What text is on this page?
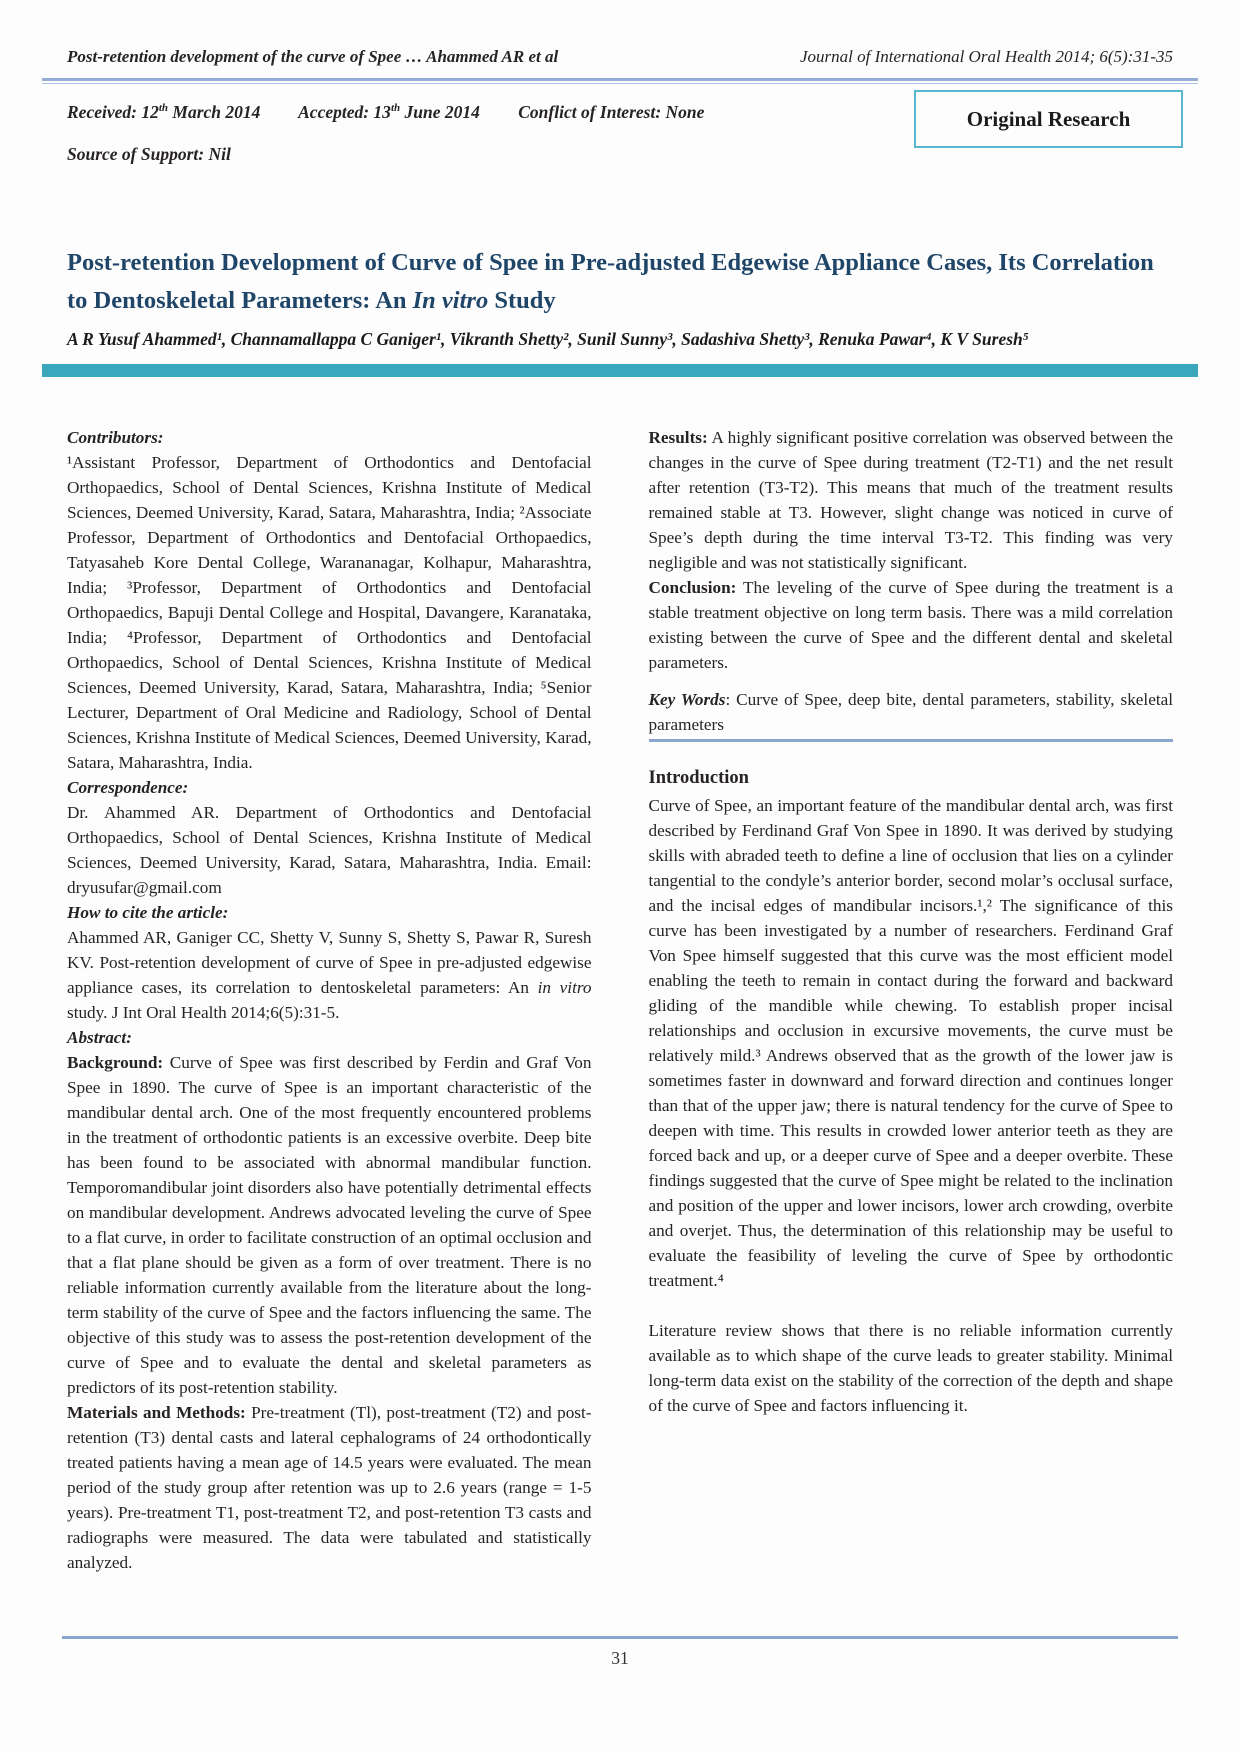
Post-retention development of the curve of Spee … Ahammed AR et al	Journal of International Oral Health 2014; 6(5):31-35

Received: 12th March 2014 Accepted: 13th June 2014 Conflict of Interest: None

Source of Support: Nil

Original Research
Post-retention Development of Curve of Spee in Pre-adjusted Edgewise Appliance Cases, Its Correlation to Dentoskeletal Parameters: An In vitro Study

A R Yusuf Ahammed¹, Channamallappa C Ganiger¹, Vikranth Shetty², Sunil Sunny³, Sadashiva Shetty³, Renuka Pawar⁴, K V Suresh⁵

Contributors:

¹Assistant Professor, Department of Orthodontics and Dentofacial Orthopaedics, School of Dental Sciences, Krishna Institute of Medical Sciences, Deemed University, Karad, Satara, Maharashtra, India; ²Associate Professor, Department of Orthodontics and Dentofacial Orthopaedics, Tatyasaheb Kore Dental College, Warananagar, Kolhapur, Maharashtra, India; ³Professor, Department of Orthodontics and Dentofacial Orthopaedics, Bapuji Dental College and Hospital, Davangere, Karanataka, India; ⁴Professor, Department of Orthodontics and Dentofacial Orthopaedics, School of Dental Sciences, Krishna Institute of Medical Sciences, Deemed University, Karad, Satara, Maharashtra, India; ⁵Senior Lecturer, Department of Oral Medicine and Radiology, School of Dental Sciences, Krishna Institute of Medical Sciences, Deemed University, Karad, Satara, Maharashtra, India.

Correspondence:

Dr. Ahammed AR. Department of Orthodontics and Dentofacial Orthopaedics, School of Dental Sciences, Krishna Institute of Medical Sciences, Deemed University, Karad, Satara, Maharashtra, India. Email: dryusufar@gmail.com

How to cite the article:

Ahammed AR, Ganiger CC, Shetty V, Sunny S, Shetty S, Pawar R, Suresh KV. Post-retention development of curve of Spee in pre-adjusted edgewise appliance cases, its correlation to dentoskeletal parameters: An in vitro study. J Int Oral Health 2014;6(5):31-5.

Abstract:

Background: Curve of Spee was first described by Ferdin and Graf Von Spee in 1890. The curve of Spee is an important characteristic of the mandibular dental arch. One of the most frequently encountered problems in the treatment of orthodontic patients is an excessive overbite. Deep bite has been found to be associated with abnormal mandibular function. Temporomandibular joint disorders also have potentially detrimental effects on mandibular development. Andrews advocated leveling the curve of Spee to a flat curve, in order to facilitate construction of an optimal occlusion and that a flat plane should be given as a form of over treatment. There is no reliable information currently available from the literature about the long-term stability of the curve of Spee and the factors influencing the same. The objective of this study was to assess the post-retention development of the curve of Spee and to evaluate the dental and skeletal parameters as predictors of its post-retention stability.

Materials and Methods: Pre-treatment (Tl), post-treatment (T2) and post-retention (T3) dental casts and lateral cephalograms of 24 orthodontically treated patients having a mean age of 14.5 years were evaluated. The mean period of the study group after retention was up to 2.6 years (range = 1-5 years). Pre-treatment T1, post-treatment T2, and post-retention T3 casts and radiographs were measured. The data were tabulated and statistically analyzed.

Results: A highly significant positive correlation was observed between the changes in the curve of Spee during treatment (T2-T1) and the net result after retention (T3-T2). This means that much of the treatment results remained stable at T3. However, slight change was noticed in curve of Spee’s depth during the time interval T3-T2. This finding was very negligible and was not statistically significant.

Conclusion: The leveling of the curve of Spee during the treatment is a stable treatment objective on long term basis. There was a mild correlation existing between the curve of Spee and the different dental and skeletal parameters.

Key Words: Curve of Spee, deep bite, dental parameters, stability, skeletal parameters

Introduction

Curve of Spee, an important feature of the mandibular dental arch, was first described by Ferdinand Graf Von Spee in 1890. It was derived by studying skills with abraded teeth to define a line of occlusion that lies on a cylinder tangential to the condyle’s anterior border, second molar’s occlusal surface, and the incisal edges of mandibular incisors.¹,² The significance of this curve has been investigated by a number of researchers. Ferdinand Graf Von Spee himself suggested that this curve was the most efficient model enabling the teeth to remain in contact during the forward and backward gliding of the mandible while chewing. To establish proper incisal relationships and occlusion in excursive movements, the curve must be relatively mild.³ Andrews observed that as the growth of the lower jaw is sometimes faster in downward and forward direction and continues longer than that of the upper jaw; there is natural tendency for the curve of Spee to deepen with time. This results in crowded lower anterior teeth as they are forced back and up, or a deeper curve of Spee and a deeper overbite. These findings suggested that the curve of Spee might be related to the inclination and position of the upper and lower incisors, lower arch crowding, overbite and overjet. Thus, the determination of this relationship may be useful to evaluate the feasibility of leveling the curve of Spee by orthodontic treatment.⁴

Literature review shows that there is no reliable information currently available as to which shape of the curve leads to greater stability. Minimal long-term data exist on the stability of the correction of the depth and shape of the curve of Spee and factors influencing it.

31
